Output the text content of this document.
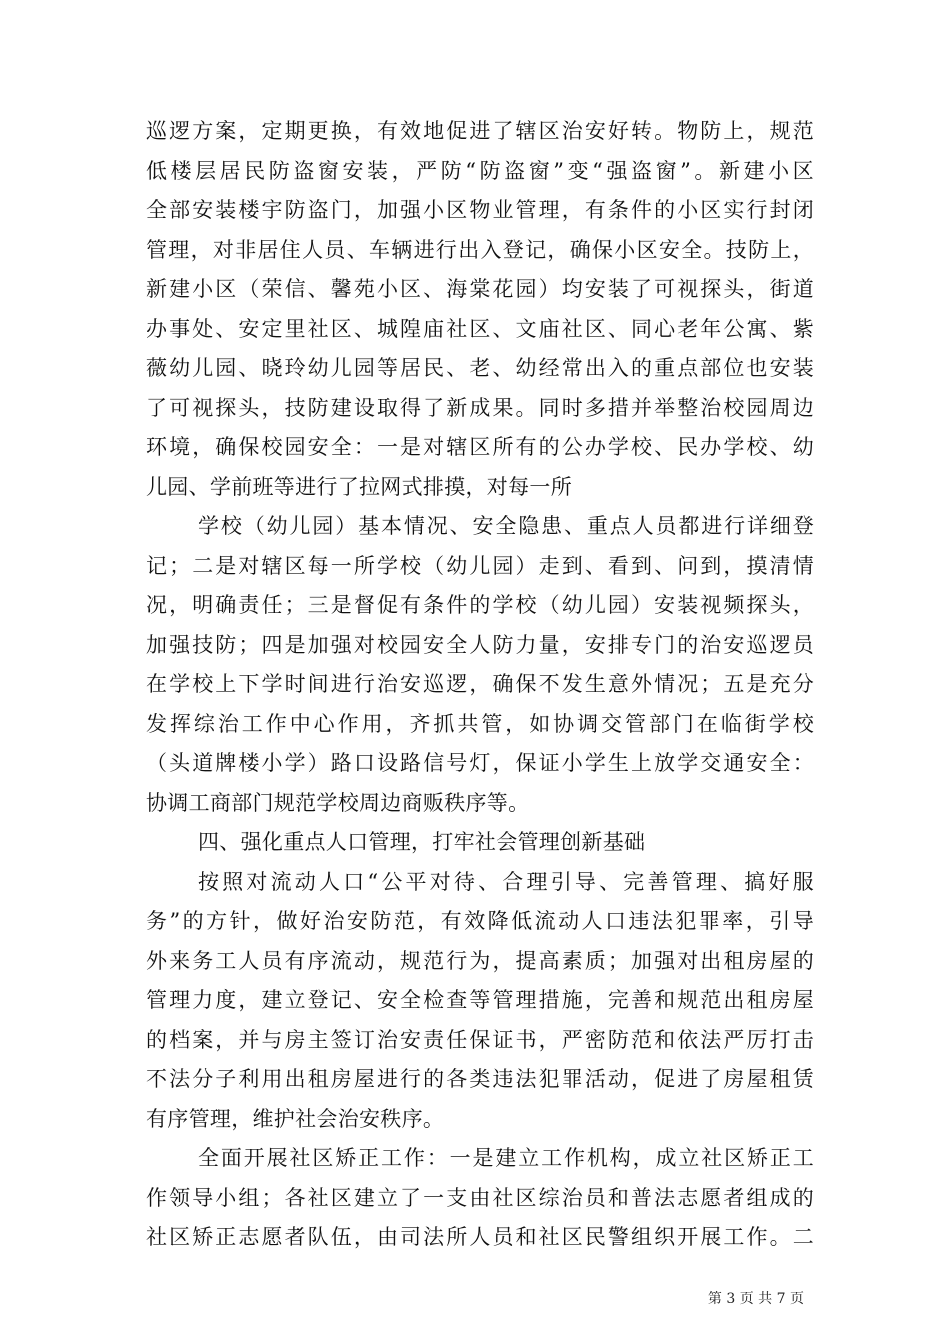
巡逻方案，定期更换，有效地促进了辖区治安好转。物防上，规范
低楼层居民防盗窗安装，严防“防盗窗”变“强盗窗”。新建小区
全部安装楼宇防盗门，加强小区物业管理，有条件的小区实行封闭
管理，对非居住人员、车辆进行出入登记，确保小区安全。技防上，
新建小区（荣信、馨苑小区、海棠花园）均安装了可视探头，街道
办事处、安定里社区、城隍庙社区、文庙社区、同心老年公寓、紫
薇幼儿园、晓玲幼儿园等居民、老、幼经常出入的重点部位也安装
了可视探头，技防建设取得了新成果。同时多措并举整治校园周边
环境，确保校园安全：一是对辖区所有的公办学校、民办学校、幼
儿园、学前班等进行了拉网式排摸，对每一所
学校（幼儿园）基本情况、安全隐患、重点人员都进行详细登
记；二是对辖区每一所学校（幼儿园）走到、看到、问到，摸清情
况，明确责任；三是督促有条件的学校（幼儿园）安装视频探头，
加强技防；四是加强对校园安全人防力量，安排专门的治安巡逻员
在学校上下学时间进行治安巡逻，确保不发生意外情况；五是充分
发挥综治工作中心作用，齐抓共管，如协调交管部门在临街学校
（头道牌楼小学）路口设路信号灯，保证小学生上放学交通安全：
协调工商部门规范学校周边商贩秩序等。
四、强化重点人口管理，打牢社会管理创新基础
按照对流动人口“公平对待、合理引导、完善管理、搞好服
务”的方针，做好治安防范，有效降低流动人口违法犯罪率，引导
外来务工人员有序流动，规范行为，提高素质；加强对出租房屋的
管理力度，建立登记、安全检查等管理措施，完善和规范出租房屋
的档案，并与房主签订治安责任保证书，严密防范和依法严厉打击
不法分子利用出租房屋进行的各类违法犯罪活动，促进了房屋租赁
有序管理，维护社会治安秩序。
全面开展社区矫正工作：一是建立工作机构，成立社区矫正工
作领导小组；各社区建立了一支由社区综治员和普法志愿者组成的
社区矫正志愿者队伍，由司法所人员和社区民警组织开展工作。二
第 3 页 共 7 页
